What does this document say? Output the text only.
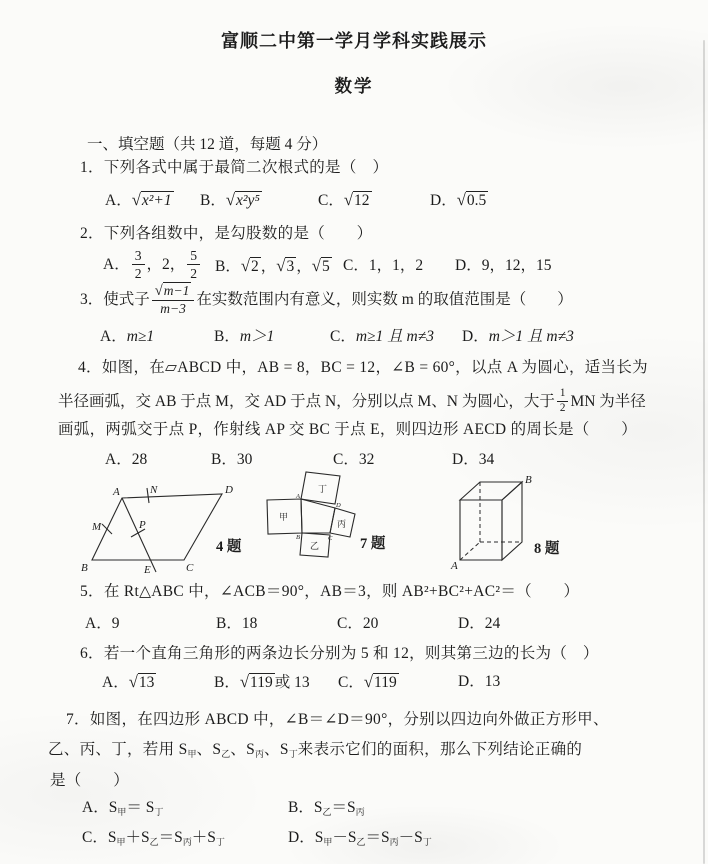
富顺二中第一学月学科实践展示
数学
一、填空题（共 12 道，每题 4 分）
1．下列各式中属于最简二次根式的是（　）
A． √ x²+1 B． √ x²y⁵	C． √ 12	D． √ 0.5
2．下列各组数中，是勾股数的是（　　）
A． $\frac{3}{2}$ ，2， $\frac{5}{2}$ B． √ 2 ， √ 3 ， √ 5 C． 1，1，2 D． 9，12，15
3．使式子 √ $\frac{m-1}{m-3}$ 在实数范围内有意义，则实数 m 的取值范围是（　　）
A． m≥1	B． m＞1	C． m≥1 且 m≠3 D． m＞1 且 m≠3
4．如图，在▱ABCD 中，AB = 8，BC = 12，∠B = 60°，以点 A 为圆心，适当长为
半径画弧，交 AB 于点 M，交 AD 于点 N，分别以点 M、N 为圆心，大于 $\frac{1}{2}$ MN 为半径
画弧，两弧交于点 P，作射线 AP 交 BC 于点 E，则四边形 AECD 的周长是（　　）
A． 28	B． 30	C． 32	D． 34
A	N	D
M	P
B	E	C
4 题
甲
丁
丙
乙
A
D
B	C 7 题
B
A
8 题
5．在 Rt△ABC 中，∠ACB＝90°，AB＝3，则 AB²+BC²+AC²＝（　　）
A． 9	B． 18	C． 20	D． 24
6．若一个直角三角形的两条边长分别为 5 和 12，则其第三边的长为（　）
A． √ 13	B． √ 119 或 13 C． √ 119	D． 13
7．如图，在四边形 ABCD 中，∠B＝∠D＝90°，分别以四边向外做正方形甲、
乙、丙、丁，若用 $S_甲$、$S_乙$、$S_丙$、$S_丁$来表示它们的面积，那么下列结论正确的
是（　　）
A．$S_甲= S_丁$	B．$S_乙=S_丙$
C．$S_甲+S_乙=S_丙+S_丁$	D．$S_甲-S_乙=S_丙-S_丁$
